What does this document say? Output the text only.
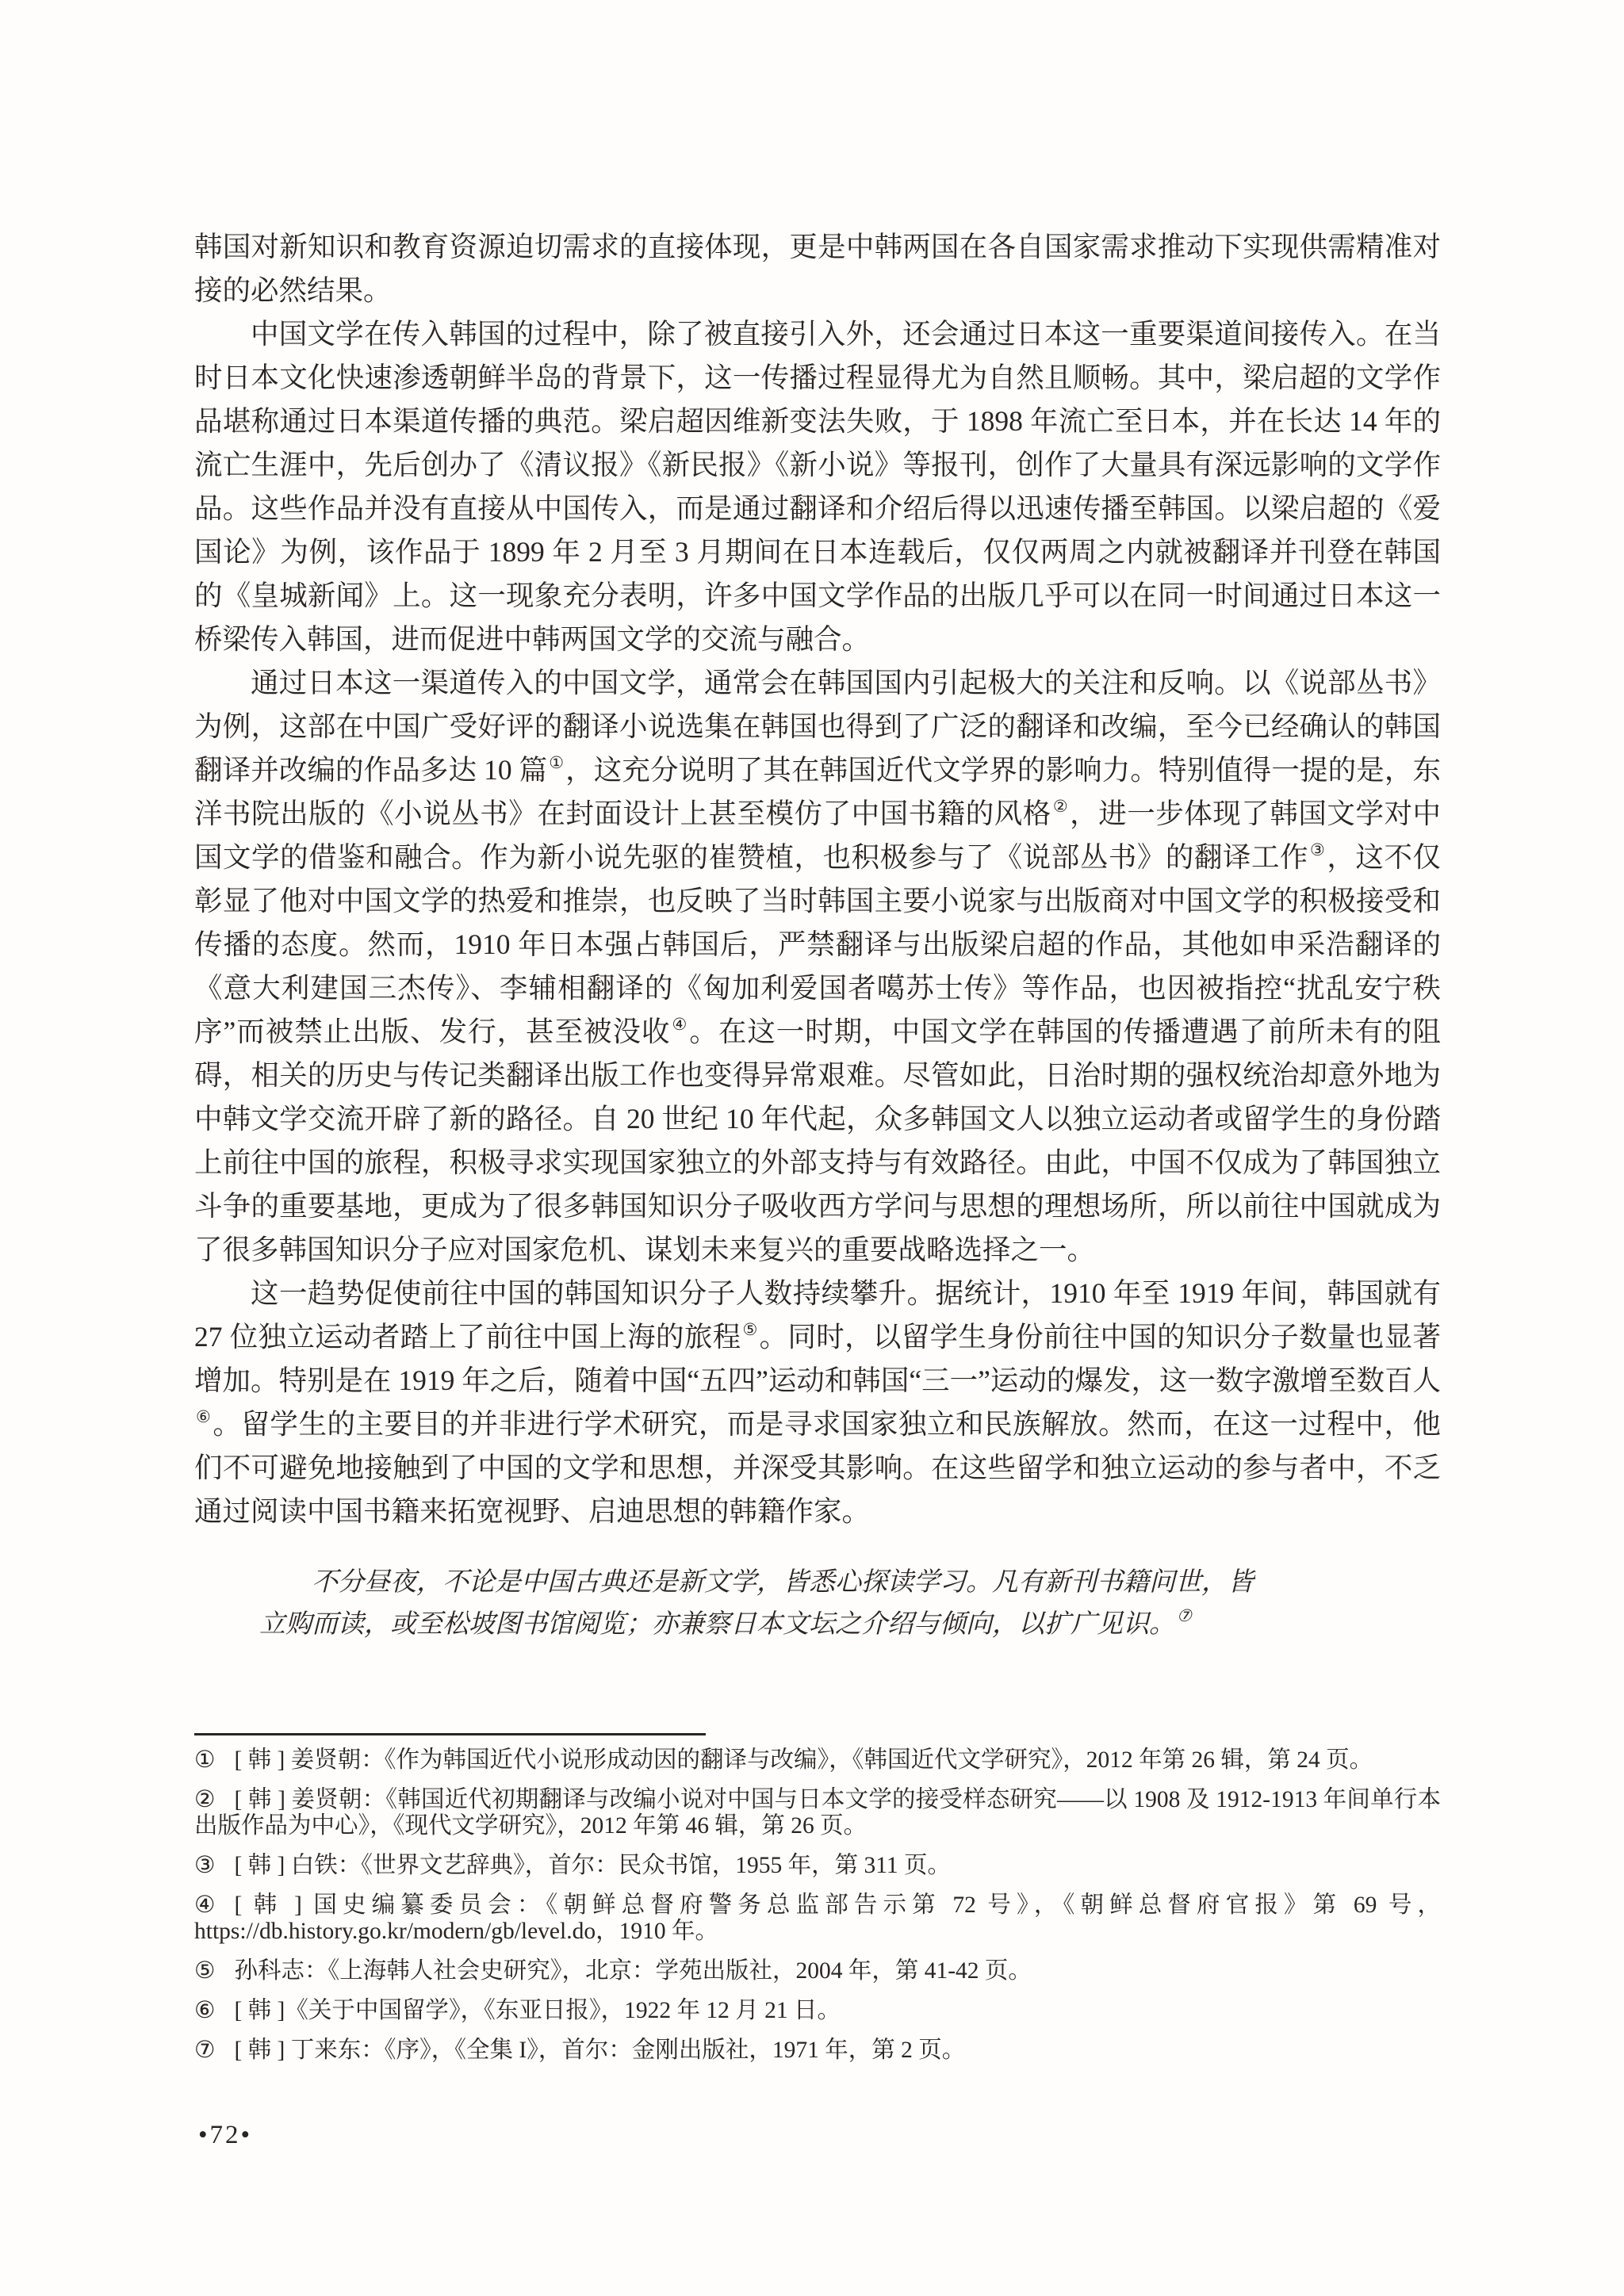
韩国对新知识和教育资源迫切需求的直接体现，更是中韩两国在各自国家需求推动下实现供需精准对接的必然结果。

中国文学在传入韩国的过程中，除了被直接引入外，还会通过日本这一重要渠道间接传入。在当时日本文化快速渗透朝鲜半岛的背景下，这一传播过程显得尤为自然且顺畅。其中，梁启超的文学作品堪称通过日本渠道传播的典范。梁启超因维新变法失败，于 1898 年流亡至日本，并在长达 14 年的流亡生涯中，先后创办了《清议报》《新民报》《新小说》等报刊，创作了大量具有深远影响的文学作品。这些作品并没有直接从中国传入，而是通过翻译和介绍后得以迅速传播至韩国。以梁启超的《爱国论》为例，该作品于 1899 年 2 月至 3 月期间在日本连载后，仅仅两周之内就被翻译并刊登在韩国的《皇城新闻》上。这一现象充分表明，许多中国文学作品的出版几乎可以在同一时间通过日本这一桥梁传入韩国，进而促进中韩两国文学的交流与融合。

通过日本这一渠道传入的中国文学，通常会在韩国国内引起极大的关注和反响。以《说部丛书》为例，这部在中国广受好评的翻译小说选集在韩国也得到了广泛的翻译和改编，至今已经确认的韩国翻译并改编的作品多达 10 篇①，这充分说明了其在韩国近代文学界的影响力。特别值得一提的是，东洋书院出版的《小说丛书》在封面设计上甚至模仿了中国书籍的风格②，进一步体现了韩国文学对中国文学的借鉴和融合。作为新小说先驱的崔赞植，也积极参与了《说部丛书》的翻译工作③，这不仅彰显了他对中国文学的热爱和推崇，也反映了当时韩国主要小说家与出版商对中国文学的积极接受和传播的态度。然而，1910 年日本强占韩国后，严禁翻译与出版梁启超的作品，其他如申采浩翻译的《意大利建国三杰传》、李辅相翻译的《匈加利爱国者噶苏士传》等作品，也因被指控“扰乱安宁秩序”而被禁止出版、发行，甚至被没收④。在这一时期，中国文学在韩国的传播遭遇了前所未有的阻碍，相关的历史与传记类翻译出版工作也变得异常艰难。尽管如此，日治时期的强权统治却意外地为中韩文学交流开辟了新的路径。自 20 世纪 10 年代起，众多韩国文人以独立运动者或留学生的身份踏上前往中国的旅程，积极寻求实现国家独立的外部支持与有效路径。由此，中国不仅成为了韩国独立斗争的重要基地，更成为了很多韩国知识分子吸收西方学问与思想的理想场所，所以前往中国就成为了很多韩国知识分子应对国家危机、谋划未来复兴的重要战略选择之一。

这一趋势促使前往中国的韩国知识分子人数持续攀升。据统计，1910 年至 1919 年间，韩国就有 27 位独立运动者踏上了前往中国上海的旅程⑤。同时，以留学生身份前往中国的知识分子数量也显著增加。特别是在 1919 年之后，随着中国“五四”运动和韩国“三一”运动的爆发，这一数字激增至数百人⑥。留学生的主要目的并非进行学术研究，而是寻求国家独立和民族解放。然而，在这一过程中，他们不可避免地接触到了中国的文学和思想，并深受其影响。在这些留学和独立运动的参与者中，不乏通过阅读中国书籍来拓宽视野、启迪思想的韩籍作家。

不分昼夜，不论是中国古典还是新文学，皆悉心探读学习。凡有新刊书籍问世，皆立购而读，或至松坡图书馆阅览；亦兼察日本文坛之介绍与倾向，以扩广见识。⑦

① [ 韩 ] 姜贤朝：《作为韩国近代小说形成动因的翻译与改编》，《韩国近代文学研究》，2012 年第 26 辑，第 24 页。

② [ 韩 ] 姜贤朝：《韩国近代初期翻译与改编小说对中国与日本文学的接受样态研究——以 1908 及 1912-1913 年间单行本出版作品为中心》，《现代文学研究》，2012 年第 46 辑，第 26 页。

③ [ 韩 ] 白铁：《世界文艺辞典》，首尔：民众书馆，1955 年，第 311 页。

④ [ 韩 ] 国史编纂委员会：《朝鲜总督府警务总监部告示第 72 号》，《朝鲜总督府官报》第 69 号，https://db.history.go.kr/modern/gb/level.do，1910 年。

⑤ 孙科志：《上海韩人社会史研究》，北京：学苑出版社，2004 年，第 41-42 页。

⑥ [ 韩 ]《关于中国留学》，《东亚日报》，1922 年 12 月 21 日。

⑦ [ 韩 ] 丁来东：《序》，《全集 I》，首尔：金刚出版社，1971 年，第 2 页。

•72•
